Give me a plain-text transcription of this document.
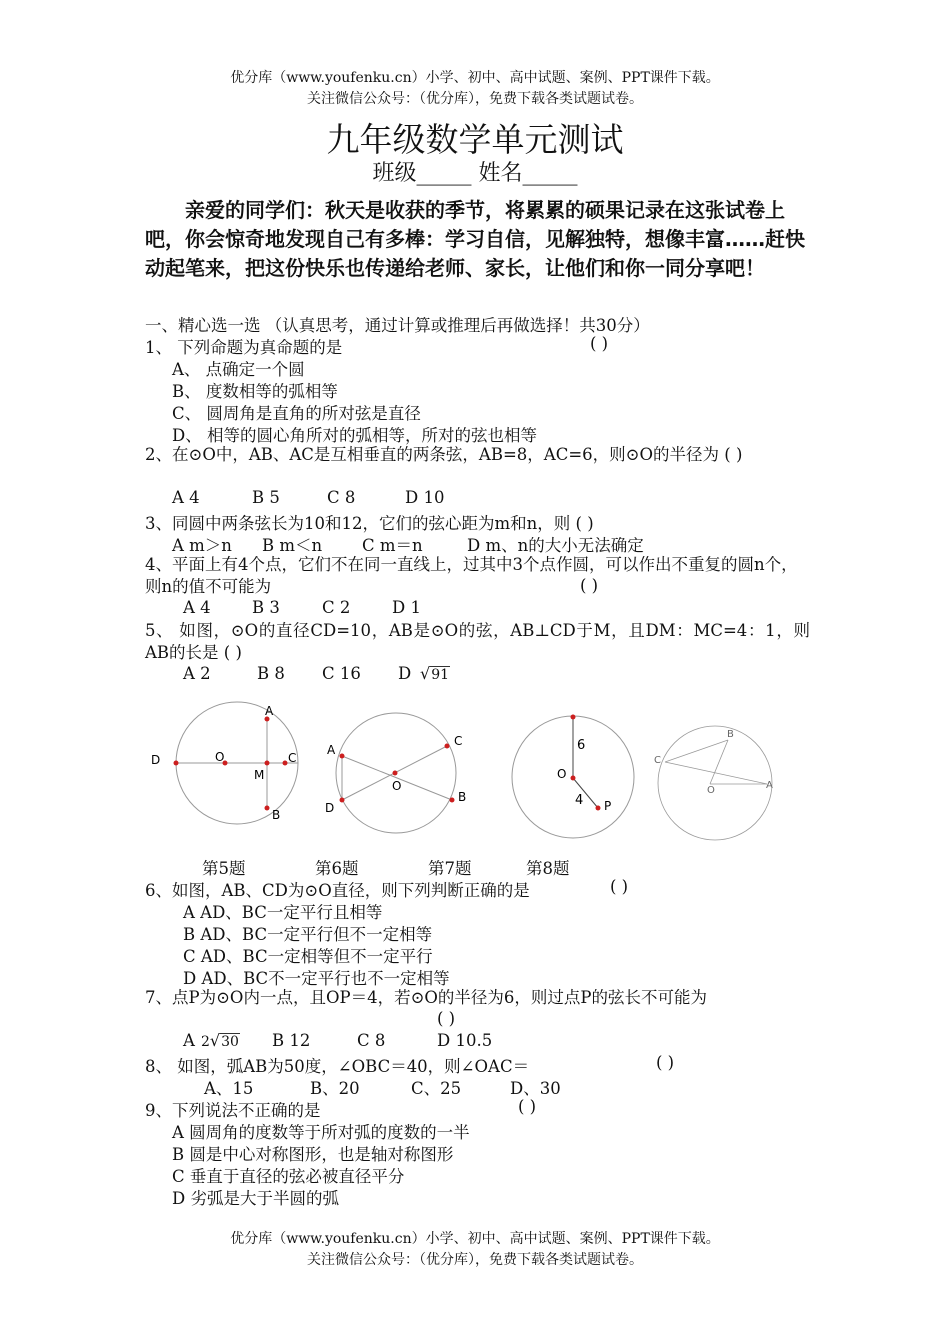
优分库（www.youfenku.cn）小学、初中、高中试题、案例、PPT课件下载。
关注微信公众号：（优分库），免费下载各类试题试卷。
九年级数学单元测试
班级_____ 姓名_____
亲爱的同学们：秋天是收获的季节，将累累的硕果记录在这张试卷上吧，你会惊奇地发现自己有多棒：学习自信，见解独特，想像丰富……赶快动起笔来，把这份快乐也传递给老师、家长，让他们和你一同分享吧！
一、精心选一选 （认真思考，通过计算或推理后再做选择！共30分）
1、 下列命题为真命题的是	( )
A、 点确定一个圆
B、 度数相等的弧相等
C、 圆周角是直角的所对弦是直径
D、 相等的圆心角所对的弧相等，所对的弦也相等
2、在⊙O中，AB、AC是互相垂直的两条弦，AB=8，AC=6，则⊙O的半径为 ( )
A 4	B 5	C 8	D 10
3、同圆中两条弦长为10和12，它们的弦心距为m和n，则 ( )
A m＞n B m＜n C m＝n	D m、n的大小无法确定
4、平面上有4个点，它们不在同一直线上，过其中3个点作圆，可以作出不重复的圆n个，则n的值不可能为	( )
A 4	B 3	C 2	D 1
5、 如图，⊙O的直径CD=10，AB是⊙O的弦，AB⊥CD于M，且DM：MC=4：1，则AB的长是 ( )
A 2	B 8 C 16 D √91
A
D	O	C
M
B
A
C
O
D
B
6
O
4 P
B
C
O	A
第5题	第6题	第7题	第8题
6、如图，AB、CD为⊙O直径，则下列判断正确的是	( )
A AD、BC一定平行且相等
B AD、BC一定平行但不一定相等
C AD、BC一定相等但不一定平行
D AD、BC不一定平行也不一定相等
7、点P为⊙O内一点，且OP＝4，若⊙O的半径为6，则过点P的弦长不可能为
( )
A 2√30 B 12	C 8	D 10.5
8、 如图，弧AB为50度，∠OBC＝40，则∠OAC＝	( )
A、15	B、20	C、25	D、30
9、下列说法不正确的是	( )
A 圆周角的度数等于所对弧的度数的一半
B 圆是中心对称图形，也是轴对称图形
C 垂直于直径的弦必被直径平分
D 劣弧是大于半圆的弧
优分库（www.youfenku.cn）小学、初中、高中试题、案例、PPT课件下载。
关注微信公众号：（优分库），免费下载各类试题试卷。
